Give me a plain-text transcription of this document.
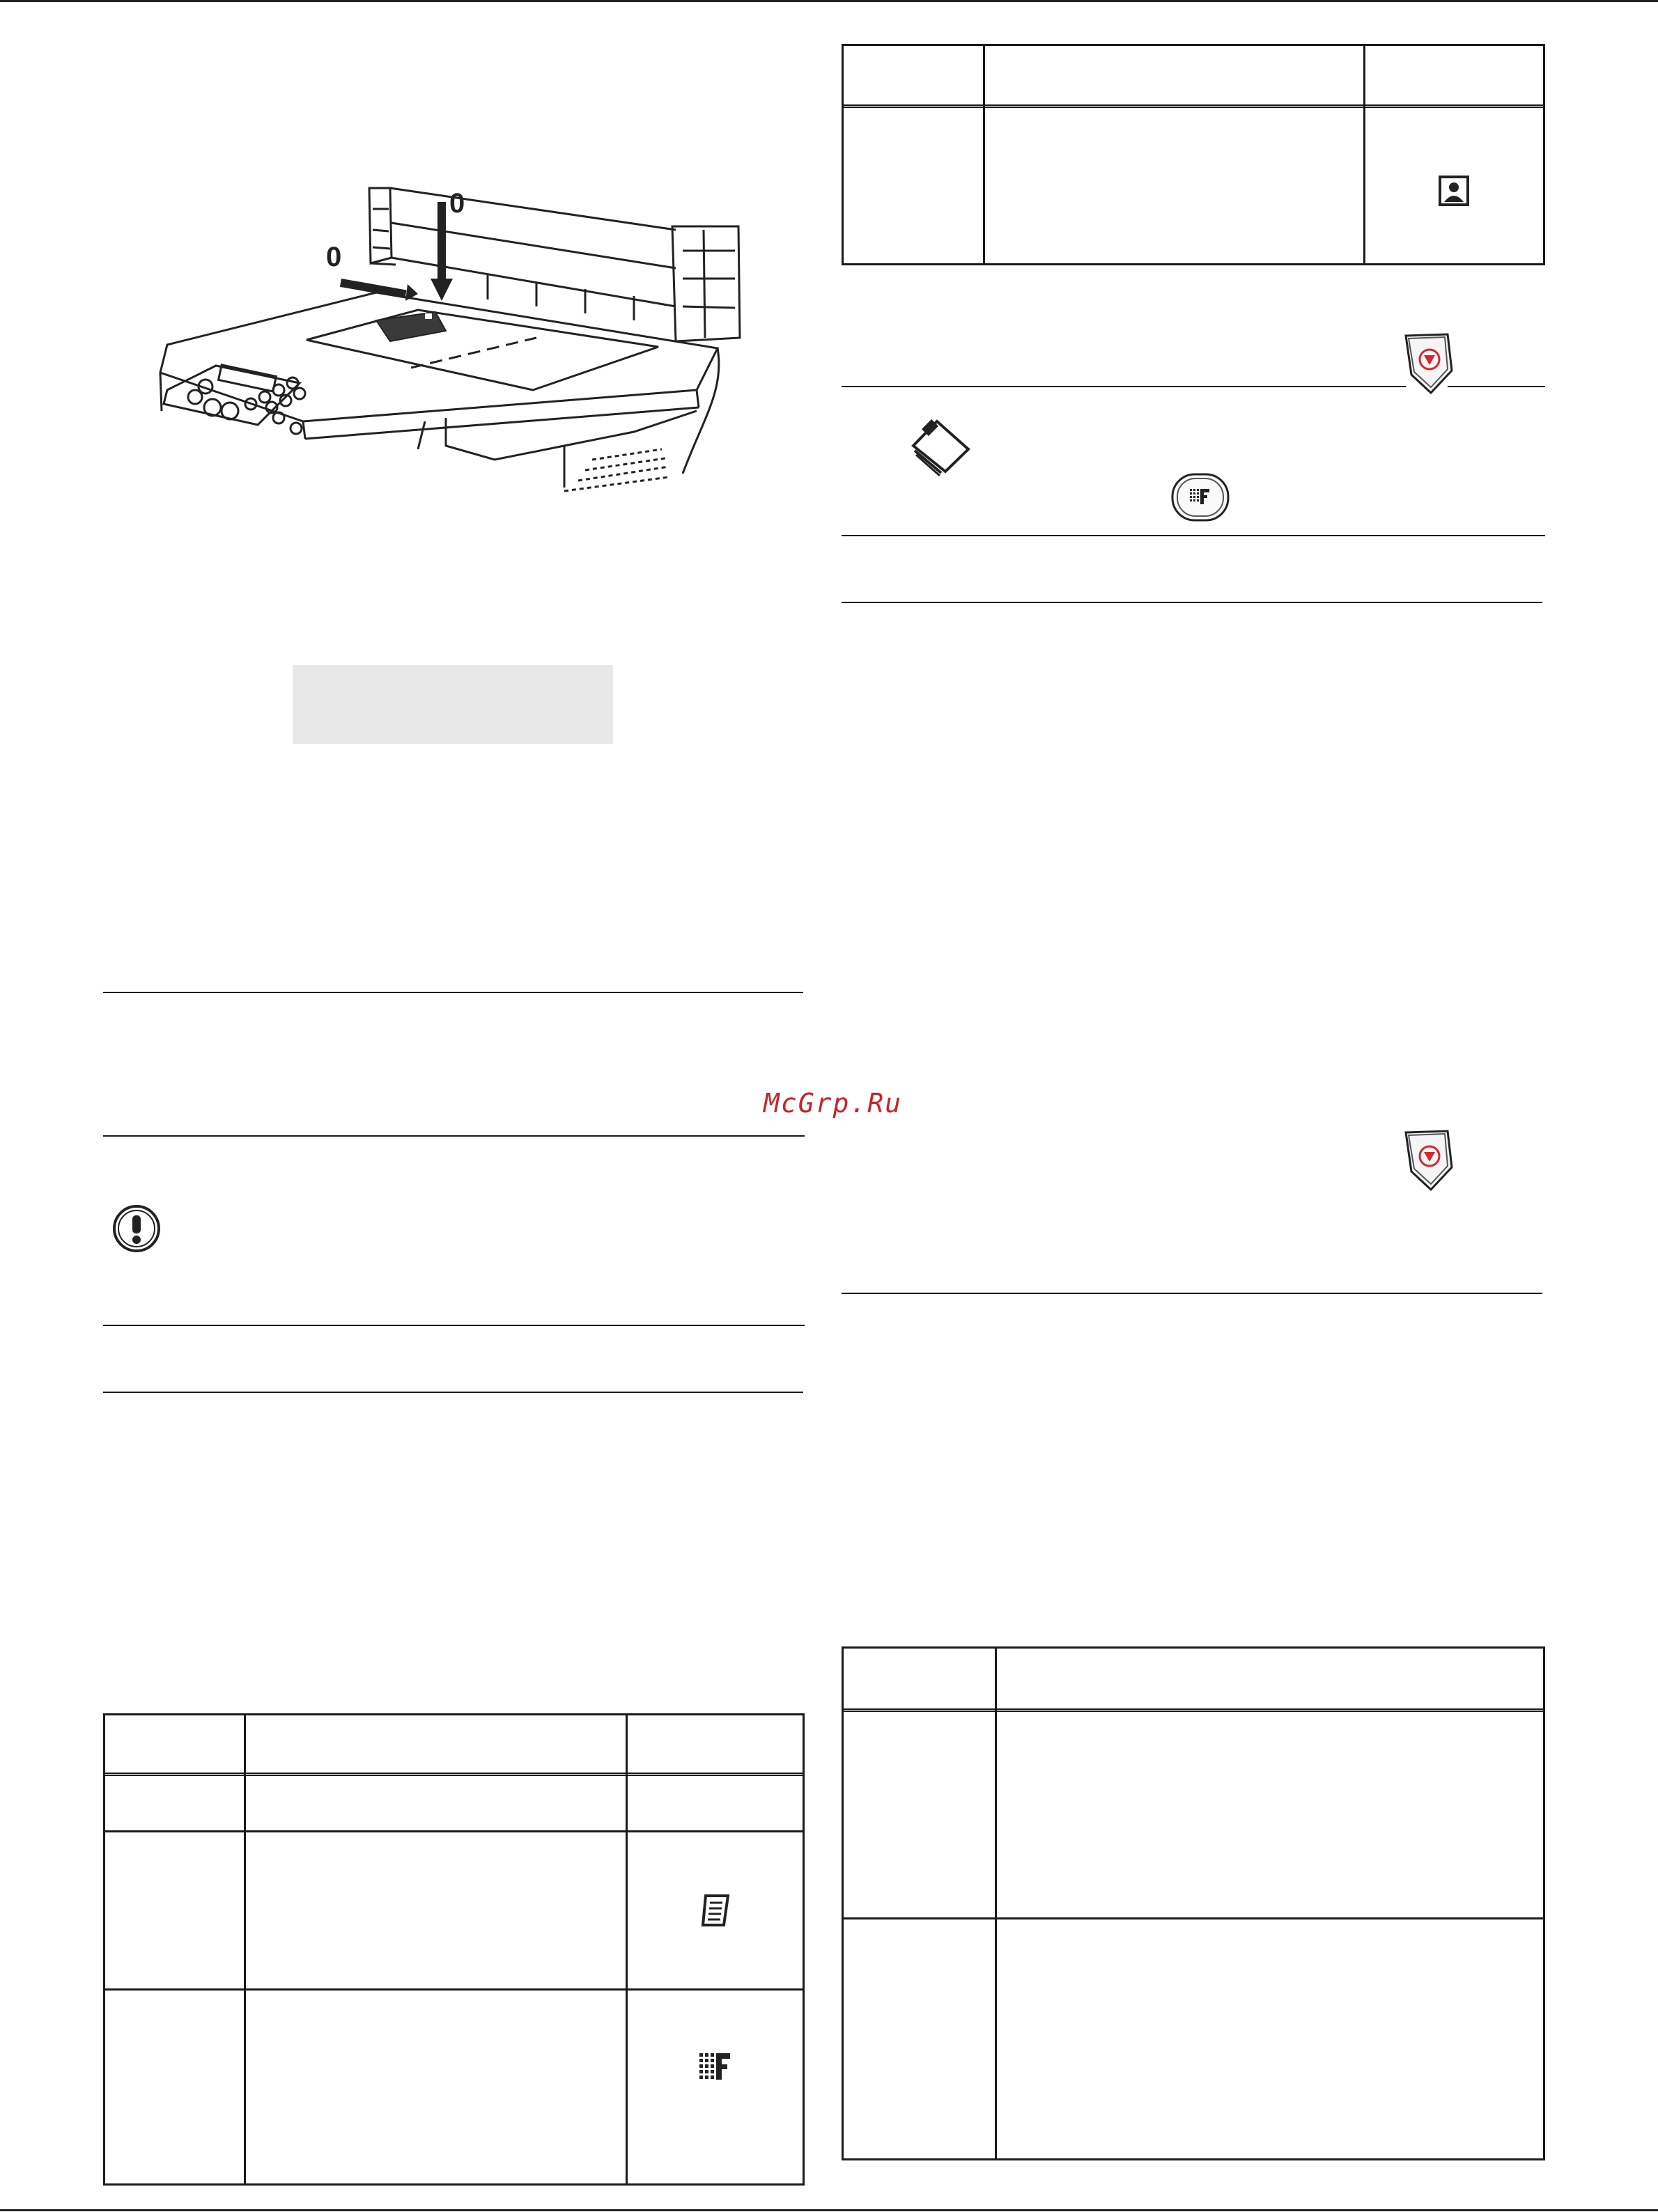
0
0
McGrp.Ru
